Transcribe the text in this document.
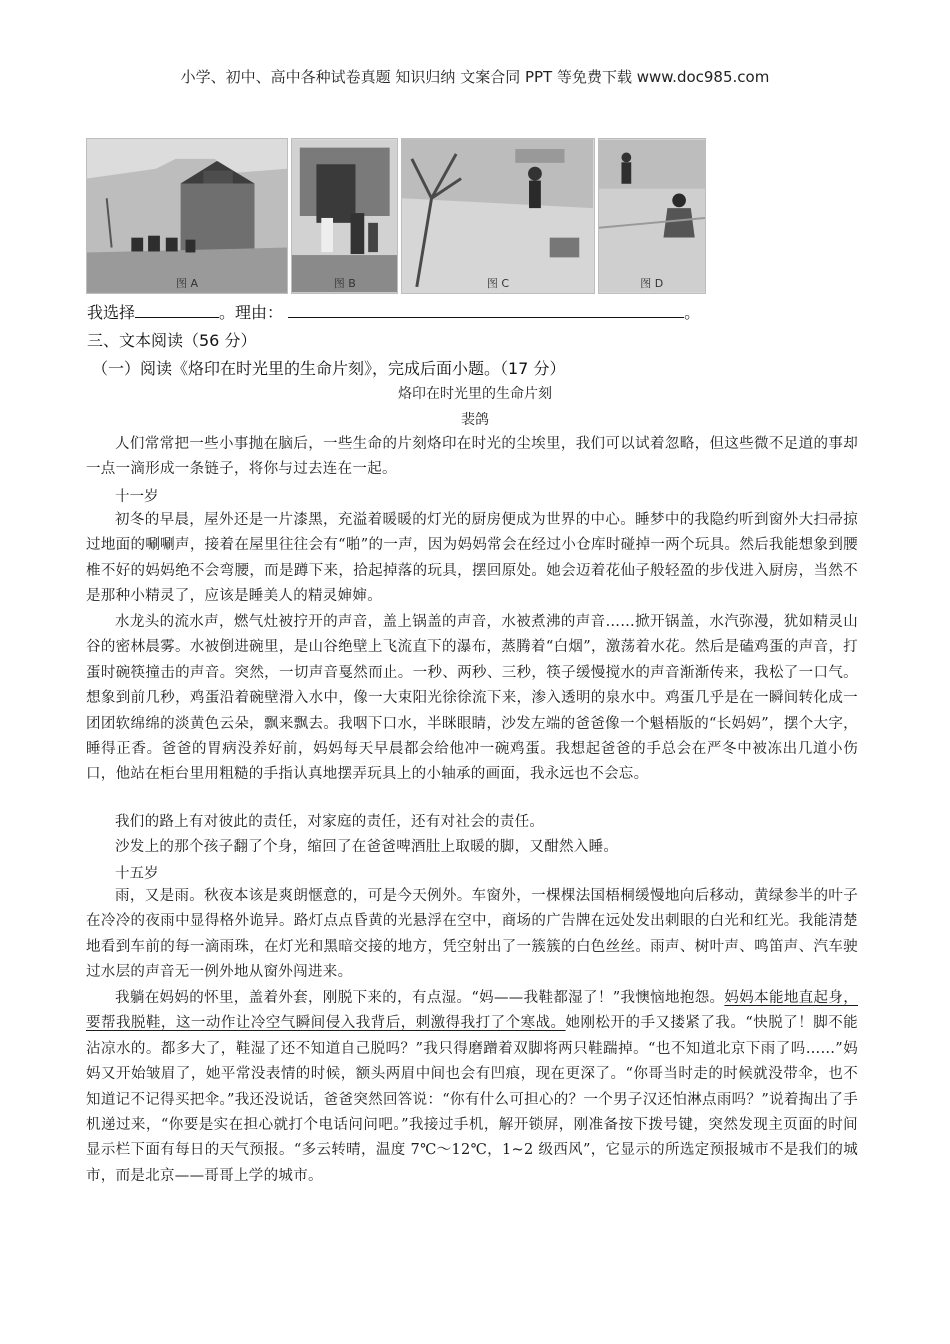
小学、初中、高中各种试卷真题 知识归纳 文案合同 PPT 等免费下载 www.doc985.com
图 A	图 B	图 C	图 D
我选择	。理由：	。
三、文本阅读（56 分）
（一）阅读《烙印在时光里的生命片刻》，完成后面小题。（17 分）
烙印在时光里的生命片刻
裴鸽
人们常常把一些小事抛在脑后，一些生命的片刻烙印在时光的尘埃里，我们可以试着忽略，但这些微不足道的事却一点一滴形成一条链子，将你与过去连在一起。
十一岁
初冬的早晨，屋外还是一片漆黑，充溢着暖暖的灯光的厨房便成为世界的中心。睡梦中的我隐约听到窗外大扫帚掠过地面的唰唰声，接着在屋里往往会有“啪”的一声，因为妈妈常会在经过小仓库时碰掉一两个玩具。然后我能想象到腰椎不好的妈妈绝不会弯腰，而是蹲下来，拾起掉落的玩具，摆回原处。她会迈着花仙子般轻盈的步伐进入厨房，当然不是那种小精灵了，应该是睡美人的精灵婶婶。
水龙头的流水声，燃气灶被拧开的声音，盖上锅盖的声音，水被煮沸的声音……掀开锅盖，水汽弥漫，犹如精灵山谷的密林晨雾。水被倒进碗里，是山谷绝壁上飞流直下的瀑布，蒸腾着“白烟”，激荡着水花。然后是磕鸡蛋的声音，打蛋时碗筷撞击的声音。突然，一切声音戛然而止。一秒、两秒、三秒，筷子缓慢搅水的声音渐渐传来，我松了一口气。想象到前几秒，鸡蛋沿着碗壁滑入水中，像一大束阳光徐徐流下来，渗入透明的泉水中。鸡蛋几乎是在一瞬间转化成一团团软绵绵的淡黄色云朵，飘来飘去。我咽下口水，半眯眼睛，沙发左端的爸爸像一个魁梧版的“长妈妈”，摆个大字，睡得正香。爸爸的胃病没养好前，妈妈每天早晨都会给他冲一碗鸡蛋。我想起爸爸的手总会在严冬中被冻出几道小伤口，他站在柜台里用粗糙的手指认真地摆弄玩具上的小轴承的画面，我永远也不会忘。
我们的路上有对彼此的责任，对家庭的责任，还有对社会的责任。
沙发上的那个孩子翻了个身，缩回了在爸爸啤酒肚上取暖的脚，又酣然入睡。
十五岁
雨，又是雨。秋夜本该是爽朗惬意的，可是今天例外。车窗外，一棵棵法国梧桐缓慢地向后移动，黄绿参半的叶子在冷冷的夜雨中显得格外诡异。路灯点点昏黄的光悬浮在空中，商场的广告牌在远处发出刺眼的白光和红光。我能清楚地看到车前的每一滴雨珠，在灯光和黑暗交接的地方，凭空射出了一簇簇的白色丝丝。雨声、树叶声、鸣笛声、汽车驶过水层的声音无一例外地从窗外闯进来。
我躺在妈妈的怀里，盖着外套，刚脱下来的，有点湿。“妈——我鞋都湿了！”我懊恼地抱怨。妈妈本能地直起身，要帮我脱鞋，这一动作让冷空气瞬间侵入我背后，刺激得我打了个寒战。她刚松开的手又搂紧了我。“快脱了！脚不能沾凉水的。都多大了，鞋湿了还不知道自己脱吗？”我只得磨蹭着双脚将两只鞋踹掉。“也不知道北京下雨了吗……”妈妈又开始皱眉了，她平常没表情的时候，额头两眉中间也会有凹痕，现在更深了。“你哥当时走的时候就没带伞，也不知道记不记得买把伞。”我还没说话，爸爸突然回答说：“你有什么可担心的？一个男子汉还怕淋点雨吗？”说着掏出了手机递过来，“你要是实在担心就打个电话问问吧。”我接过手机，解开锁屏，刚准备按下拨号键，突然发现主页面的时间显示栏下面有每日的天气预报。“多云转晴，温度 7℃～12℃，1~2 级西风”，它显示的所选定预报城市不是我们的城市，而是北京——哥哥上学的城市。
